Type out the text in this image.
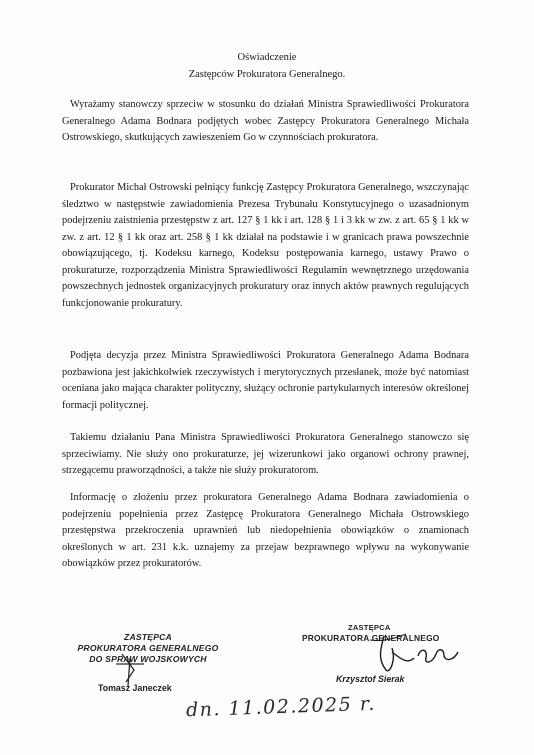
Oświadczenie
Zastępców Prokuratora Generalnego.

Wyrażamy stanowczy sprzeciw w stosunku do działań Ministra Sprawiedliwości Prokuratora Generalnego Adama Bodnara podjętych wobec Zastępcy Prokuratora Generalnego Michała Ostrowskiego, skutkujących zawieszeniem Go w czynnościach prokuratora.

Prokurator Michał Ostrowski pełniący funkcję Zastępcy Prokuratora Generalnego, wszczynając śledztwo w następstwie zawiadomienia Prezesa Trybunału Konstytucyjnego o uzasadnionym podejrzeniu zaistnienia przestępstw z art. 127 § 1 kk i art. 128 § 1 i 3 kk w zw. z art. 65 § 1 kk w zw. z art. 12 § 1 kk oraz art. 258 § 1 kk działał na podstawie i w granicach prawa powszechnie obowiązującego, tj. Kodeksu karnego, Kodeksu postępowania karnego, ustawy Prawo o prokuraturze, rozporządzenia Ministra Sprawiedliwości Regulamin wewnętrznego urzędowania powszechnych jednostek organizacyjnych prokuratury oraz innych aktów prawnych regulujących funkcjonowanie prokuratury.

Podjęta decyzja przez Ministra Sprawiedliwości Prokuratora Generalnego Adama Bodnara pozbawiona jest jakichkolwiek rzeczywistych i merytorycznych przesłanek, może być natomiast oceniana jako mająca charakter polityczny, służący ochronie partykularnych interesów określonej formacji politycznej.

Takiemu działaniu Pana Ministra Sprawiedliwości Prokuratora Generalnego stanowczo się sprzeciwiamy. Nie służy ono prokuraturze, jej wizerunkowi jako organowi ochrony prawnej, strzegącemu praworządności, a także nie służy prokuratorom.

Informację o złożeniu przez prokuratora Generalnego Adama Bodnara zawiadomienia o podejrzeniu popełnienia przez Zastępcę Prokuratora Generalnego Michała Ostrowskiego przestępstwa przekroczenia uprawnień lub niedopełnienia obowiązków o znamionach określonych w art. 231 k.k. uznajemy za przejaw bezprawnego wpływu na wykonywanie obowiązków przez prokuratorów.

ZASTĘPCA
PROKURATORA GENERALNEGO
DO SPRAW WOJSKOWYCH
Tomasz Janeczek
ZASTĘPCA
PROKURATORA GENERALNEGO
Krzysztof Sierak
dn. 11.02.2025 r.
